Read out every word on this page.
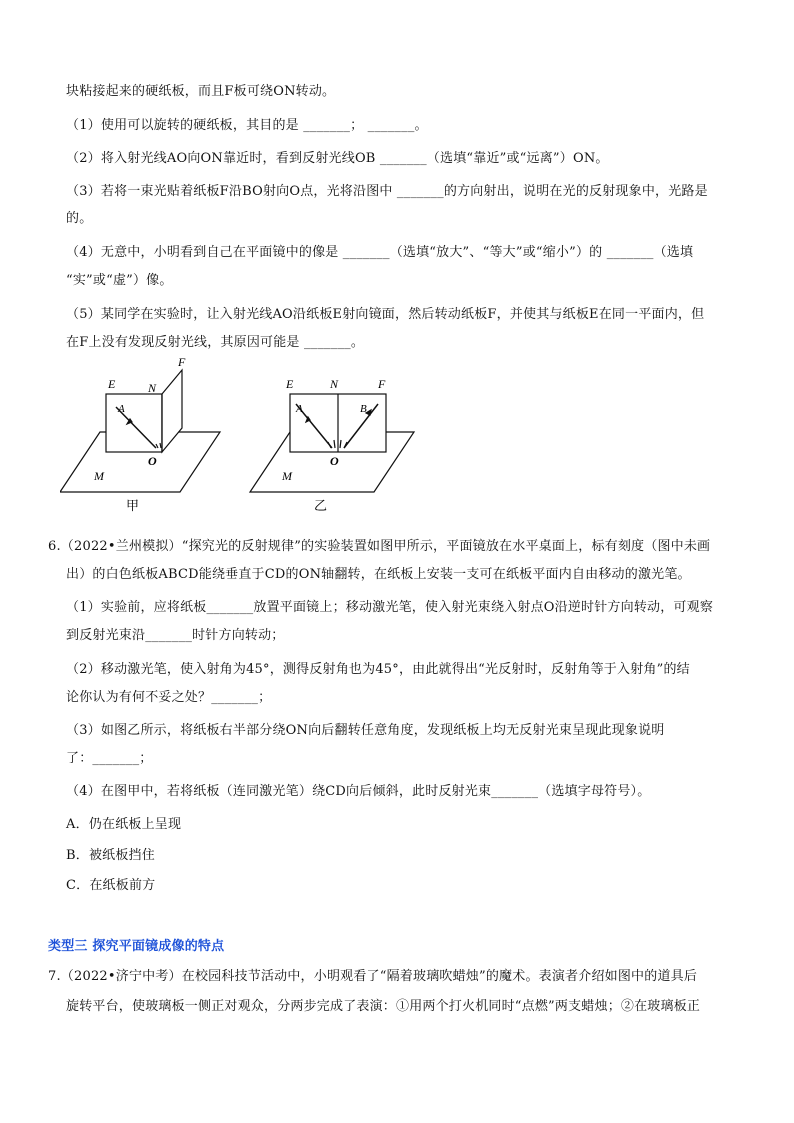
块粘接起来的硬纸板，而且F板可绕ON转动。
（1）使用可以旋转的硬纸板，其目的是 _______； _______。
（2）将入射光线AO向ON靠近时，看到反射光线OB _______（选填“靠近”或“远离”）ON。
（3）若将一束光贴着纸板F沿BO射向O点，光将沿图中 _______的方向射出，说明在光的反射现象中，光路是
的。
（4）无意中，小明看到自己在平面镜中的像是 _______（选填“放大”、“等大”或“缩小”）的 _______（选填
“实”或“虚”）像。
（5）某同学在实验时，让入射光线AO沿纸板E射向镜面，然后转动纸板F，并使其与纸板E在同一平面内，但
在F上没有发现反射光线，其原因可能是 _______。
E	N
F
A
O
M
甲
E	N	F
A	B
O
M
乙
6.（2022•兰州模拟）“探究光的反射规律”的实验装置如图甲所示，平面镜放在水平桌面上，标有刻度（图中未画
出）的白色纸板ABCD能绕垂直于CD的ON轴翻转，在纸板上安装一支可在纸板平面内自由移动的激光笔。
（1）实验前，应将纸板_______放置平面镜上；移动激光笔，使入射光束绕入射点O沿逆时针方向转动，可观察
到反射光束沿_______时针方向转动；
（2）移动激光笔，使入射角为45°，测得反射角也为45°，由此就得出“光反射时，反射角等于入射角”的结
论你认为有何不妥之处？_______；
（3）如图乙所示，将纸板右半部分绕ON向后翻转任意角度，发现纸板上均无反射光束呈现此现象说明
了：_______；
（4）在图甲中，若将纸板（连同激光笔）绕CD向后倾斜，此时反射光束_______（选填字母符号）。
A．仍在纸板上呈现
B．被纸板挡住
C．在纸板前方
类型三 探究平面镜成像的特点
7.（2022•济宁中考）在校园科技节活动中，小明观看了“隔着玻璃吹蜡烛”的魔术。表演者介绍如图中的道具后
旋转平台，使玻璃板一侧正对观众，分两步完成了表演：①用两个打火机同时“点燃”两支蜡烛；②在玻璃板正
